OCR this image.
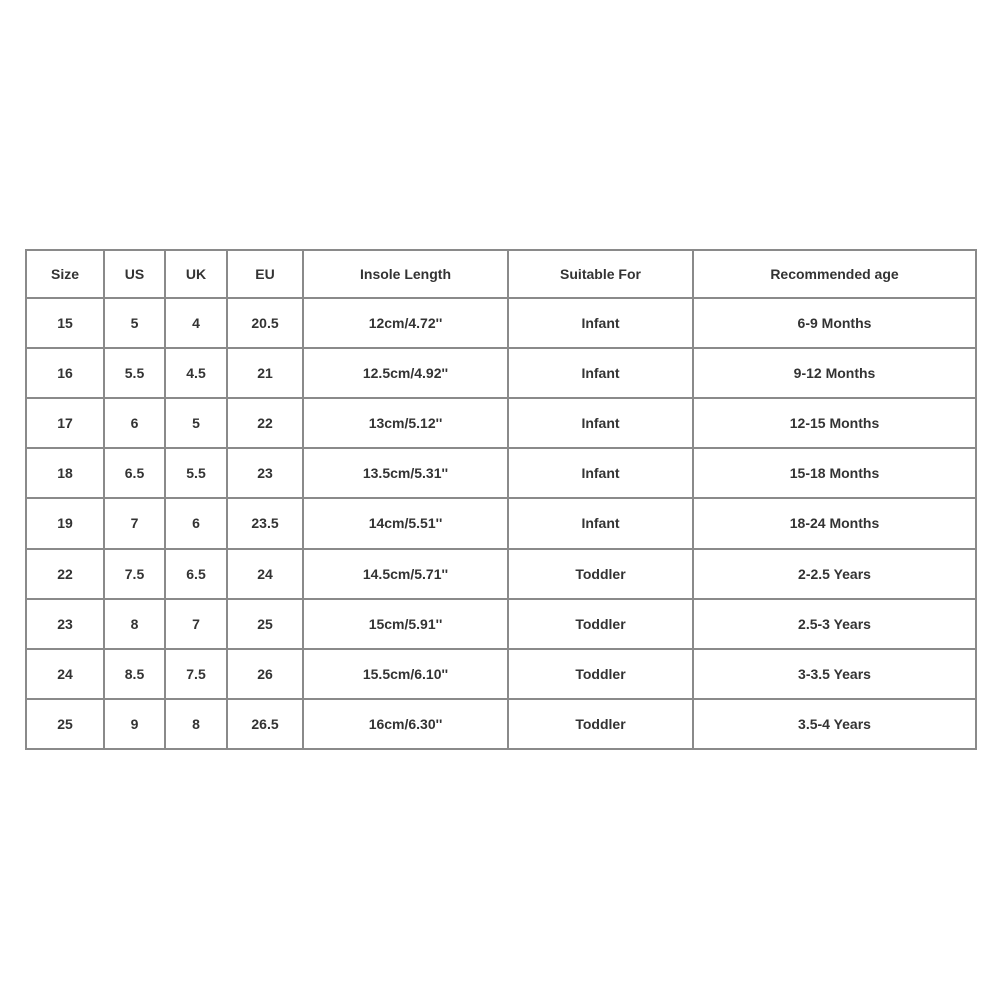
Size	US	UK	EU	Insole Length	Suitable For	Recommended age
15	5	4	20.5	12cm/4.72''	Infant	6-9 Months
16	5.5	4.5	21	12.5cm/4.92''	Infant	9-12 Months
17	6	5	22	13cm/5.12''	Infant	12-15 Months
18	6.5	5.5	23	13.5cm/5.31''	Infant	15-18 Months
19	7	6	23.5	14cm/5.51''	Infant	18-24 Months
22	7.5	6.5	24	14.5cm/5.71''	Toddler	2-2.5 Years
23	8	7	25	15cm/5.91''	Toddler	2.5-3 Years
24	8.5	7.5	26	15.5cm/6.10''	Toddler	3-3.5 Years
25	9	8	26.5	16cm/6.30''	Toddler	3.5-4 Years
